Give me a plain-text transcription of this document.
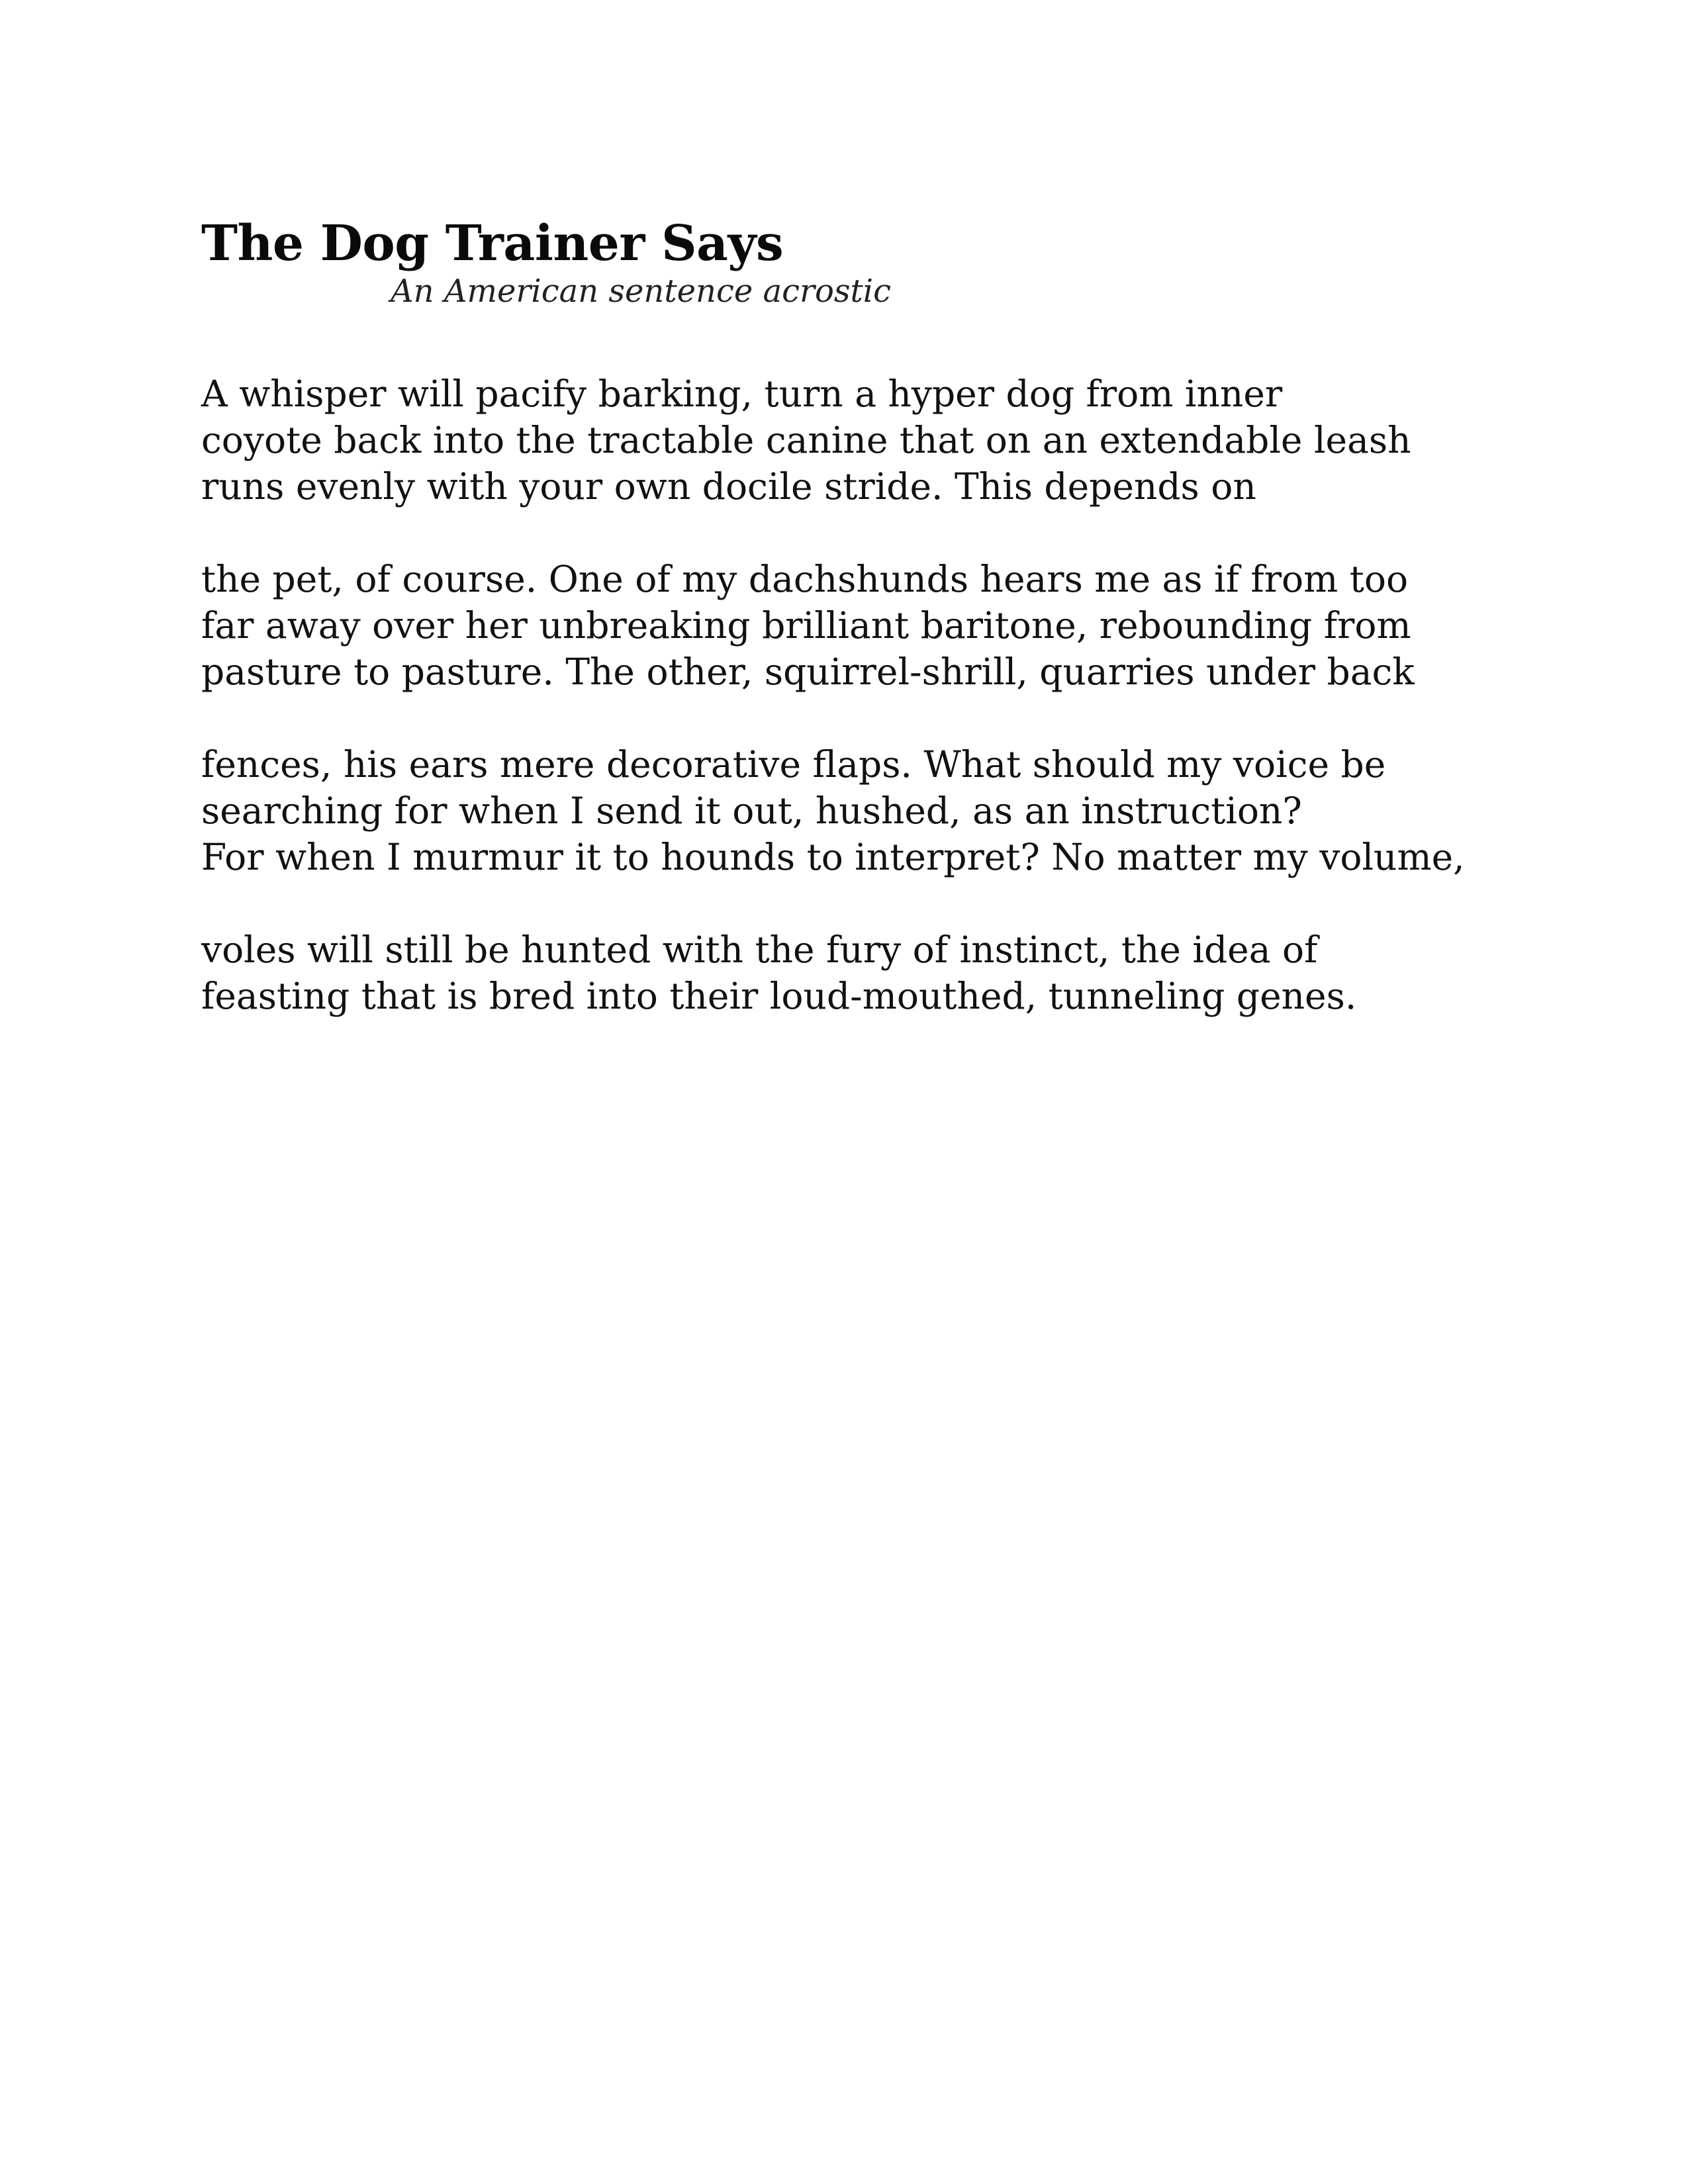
The Dog Trainer Says

An American sentence acrostic

A whisper will pacify barking, turn a hyper dog from inner
coyote back into the tractable canine that on an extendable leash
runs evenly with your own docile stride. This depends on
the pet, of course. One of my dachshunds hears me as if from too
far away over her unbreaking brilliant baritone, rebounding from
pasture to pasture. The other, squirrel-shrill, quarries under back
fences, his ears mere decorative flaps. What should my voice be
searching for when I send it out, hushed, as an instruction?
For when I murmur it to hounds to interpret? No matter my volume,
voles will still be hunted with the fury of instinct, the idea of
feasting that is bred into their loud-mouthed, tunneling genes.
